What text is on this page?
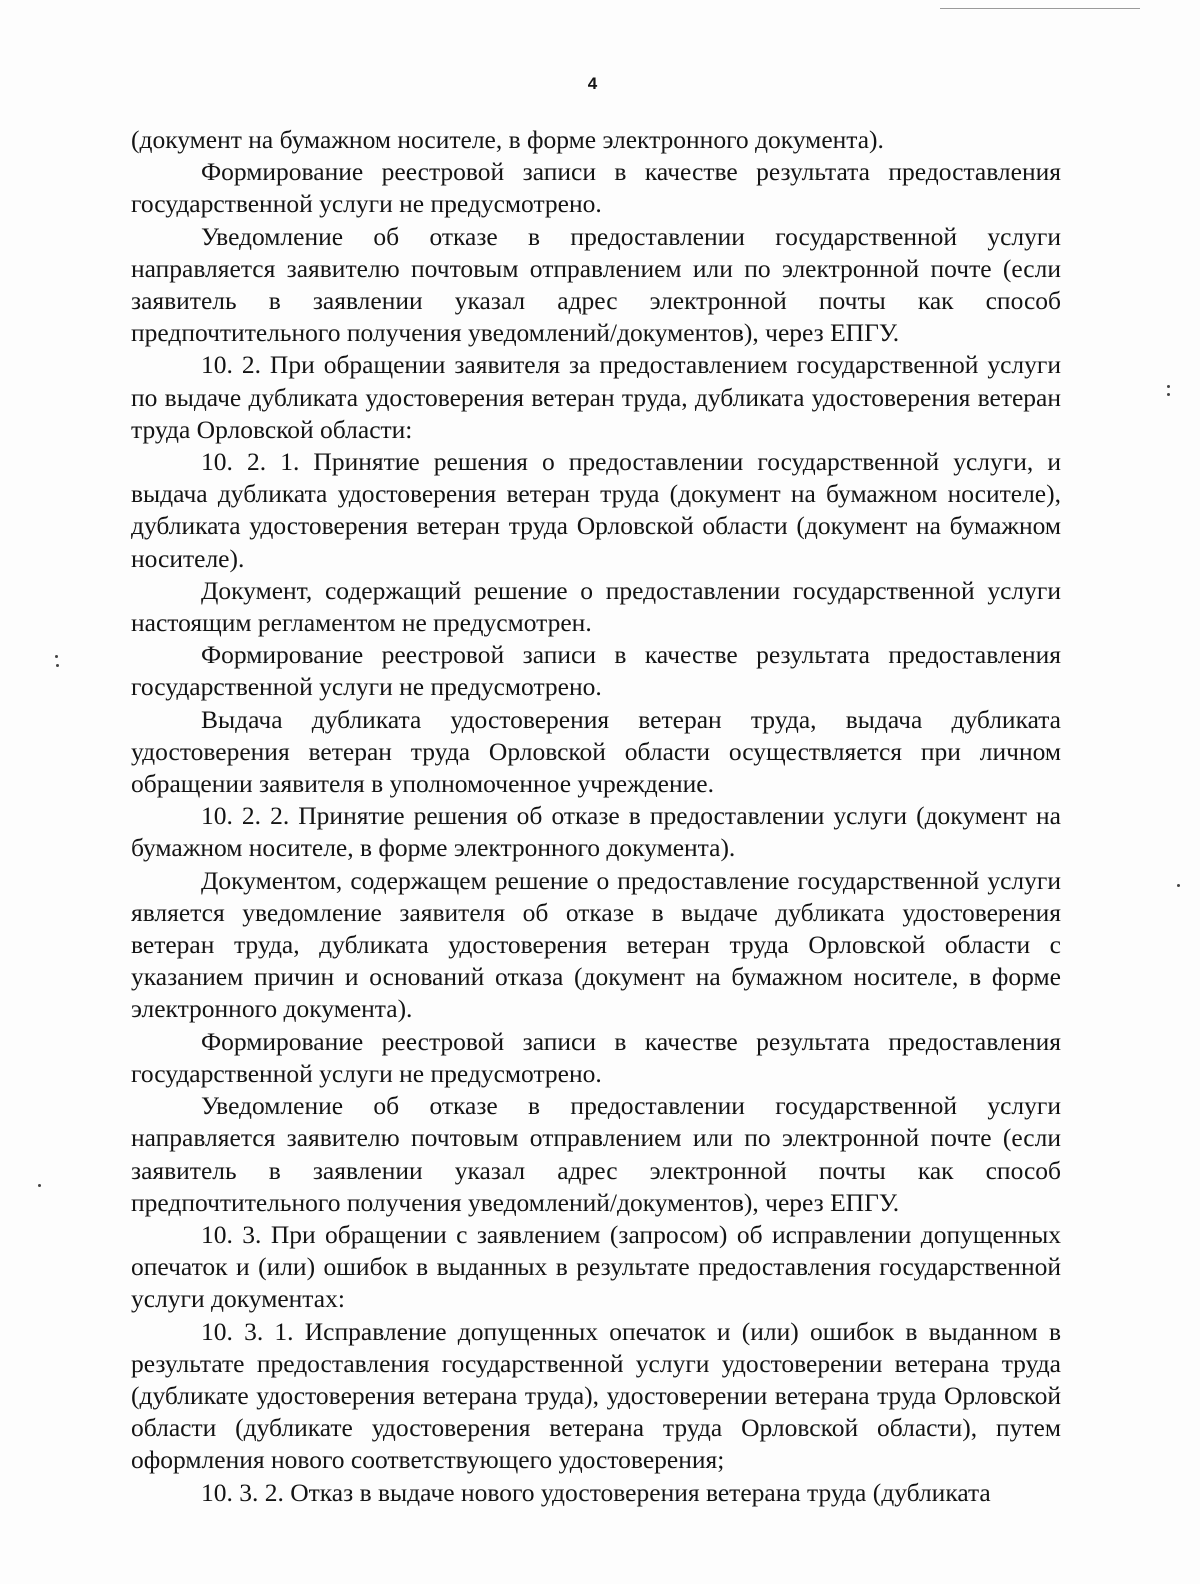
4

(документ на бумажном носителе, в форме электронного документа).

Формирование реестровой записи в качестве результата предоставления государственной услуги не предусмотрено.

Уведомление об отказе в предоставлении государственной услуги направляется заявителю почтовым отправлением или по электронной почте (если заявитель в заявлении указал адрес электронной почты как способ предпочтительного получения уведомлений/документов), через ЕПГУ.

10. 2. При обращении заявителя за предоставлением государственной услуги по выдаче дубликата удостоверения ветеран труда, дубликата удостоверения ветеран труда Орловской области:

10. 2. 1. Принятие решения о предоставлении государственной услуги, и выдача дубликата удостоверения ветеран труда (документ на бумажном носителе), дубликата удостоверения ветеран труда Орловской области (документ на бумажном носителе).

Документ, содержащий решение о предоставлении государственной услуги настоящим регламентом не предусмотрен.

Формирование реестровой записи в качестве результата предоставления государственной услуги не предусмотрено.

Выдача дубликата удостоверения ветеран труда, выдача дубликата удостоверения ветеран труда Орловской области осуществляется при личном обращении заявителя в уполномоченное учреждение.

10. 2. 2. Принятие решения об отказе в предоставлении услуги (документ на бумажном носителе, в форме электронного документа).

Документом, содержащем решение о предоставление государственной услуги является уведомление заявителя об отказе в выдаче дубликата удостоверения ветеран труда, дубликата удостоверения ветеран труда Орловской области с указанием причин и оснований отказа (документ на бумажном носителе, в форме электронного документа).

Формирование реестровой записи в качестве результата предоставления государственной услуги не предусмотрено.

Уведомление об отказе в предоставлении государственной услуги направляется заявителю почтовым отправлением или по электронной почте (если заявитель в заявлении указал адрес электронной почты как способ предпочтительного получения уведомлений/документов), через ЕПГУ.

10. 3. При обращении с заявлением (запросом) об исправлении допущенных опечаток и (или) ошибок в выданных в результате предоставления государственной услуги документах:

10. 3. 1. Исправление допущенных опечаток и (или) ошибок в выданном в результате предоставления государственной услуги удостоверении ветерана труда (дубликате удостоверения ветерана труда), удостоверении ветерана труда Орловской области (дубликате удостоверения ветерана труда Орловской области), путем оформления нового соответствующего удостоверения;

10. 3. 2. Отказ в выдаче нового удостоверения ветерана труда (дубликата
